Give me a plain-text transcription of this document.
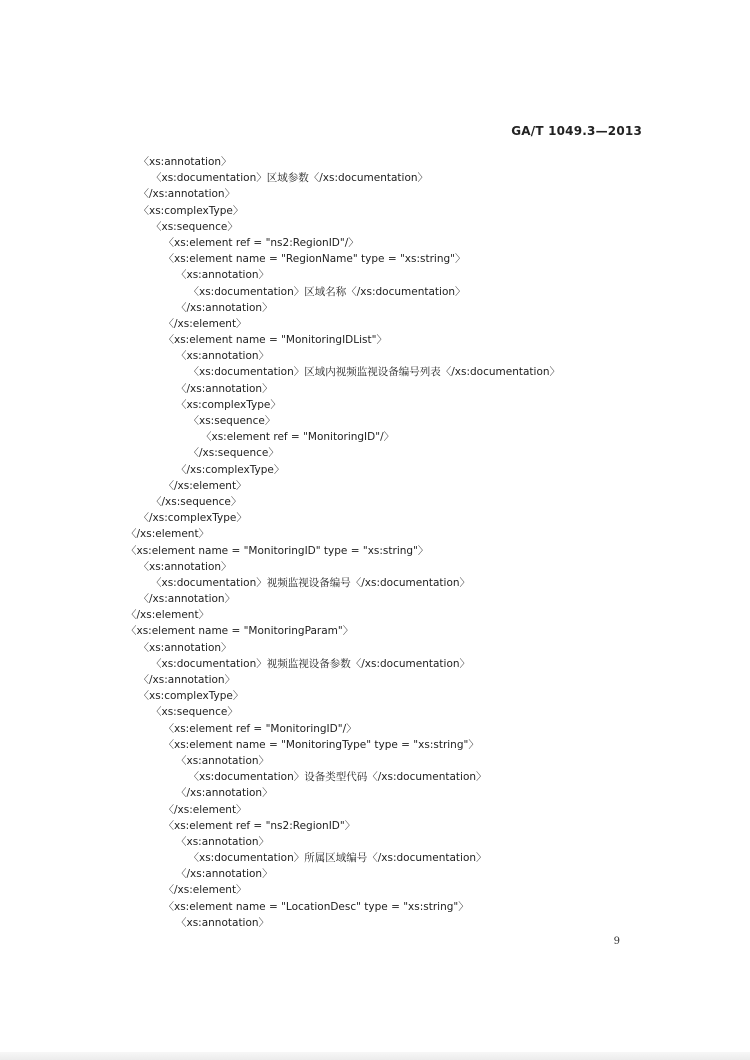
GA/T 1049.3—2013
〈xs:annotation〉
〈xs:documentation〉区域参数〈/xs:documentation〉
〈/xs:annotation〉
〈xs:complexType〉
〈xs:sequence〉
〈xs:element ref = "ns2:RegionID"/〉
〈xs:element name = "RegionName" type = "xs:string"〉
〈xs:annotation〉
〈xs:documentation〉区域名称〈/xs:documentation〉
〈/xs:annotation〉
〈/xs:element〉
〈xs:element name = "MonitoringIDList"〉
〈xs:annotation〉
〈xs:documentation〉区域内视频监视设备编号列表〈/xs:documentation〉
〈/xs:annotation〉
〈xs:complexType〉
〈xs:sequence〉
〈xs:element ref = "MonitoringID"/〉
〈/xs:sequence〉
〈/xs:complexType〉
〈/xs:element〉
〈/xs:sequence〉
〈/xs:complexType〉
〈/xs:element〉
〈xs:element name = "MonitoringID" type = "xs:string"〉
〈xs:annotation〉
〈xs:documentation〉视频监视设备编号〈/xs:documentation〉
〈/xs:annotation〉
〈/xs:element〉
〈xs:element name = "MonitoringParam"〉
〈xs:annotation〉
〈xs:documentation〉视频监视设备参数〈/xs:documentation〉
〈/xs:annotation〉
〈xs:complexType〉
〈xs:sequence〉
〈xs:element ref = "MonitoringID"/〉
〈xs:element name = "MonitoringType" type = "xs:string"〉
〈xs:annotation〉
〈xs:documentation〉设备类型代码〈/xs:documentation〉
〈/xs:annotation〉
〈/xs:element〉
〈xs:element ref = "ns2:RegionID"〉
〈xs:annotation〉
〈xs:documentation〉所属区域编号〈/xs:documentation〉
〈/xs:annotation〉
〈/xs:element〉
〈xs:element name = "LocationDesc" type = "xs:string"〉
〈xs:annotation〉
9
